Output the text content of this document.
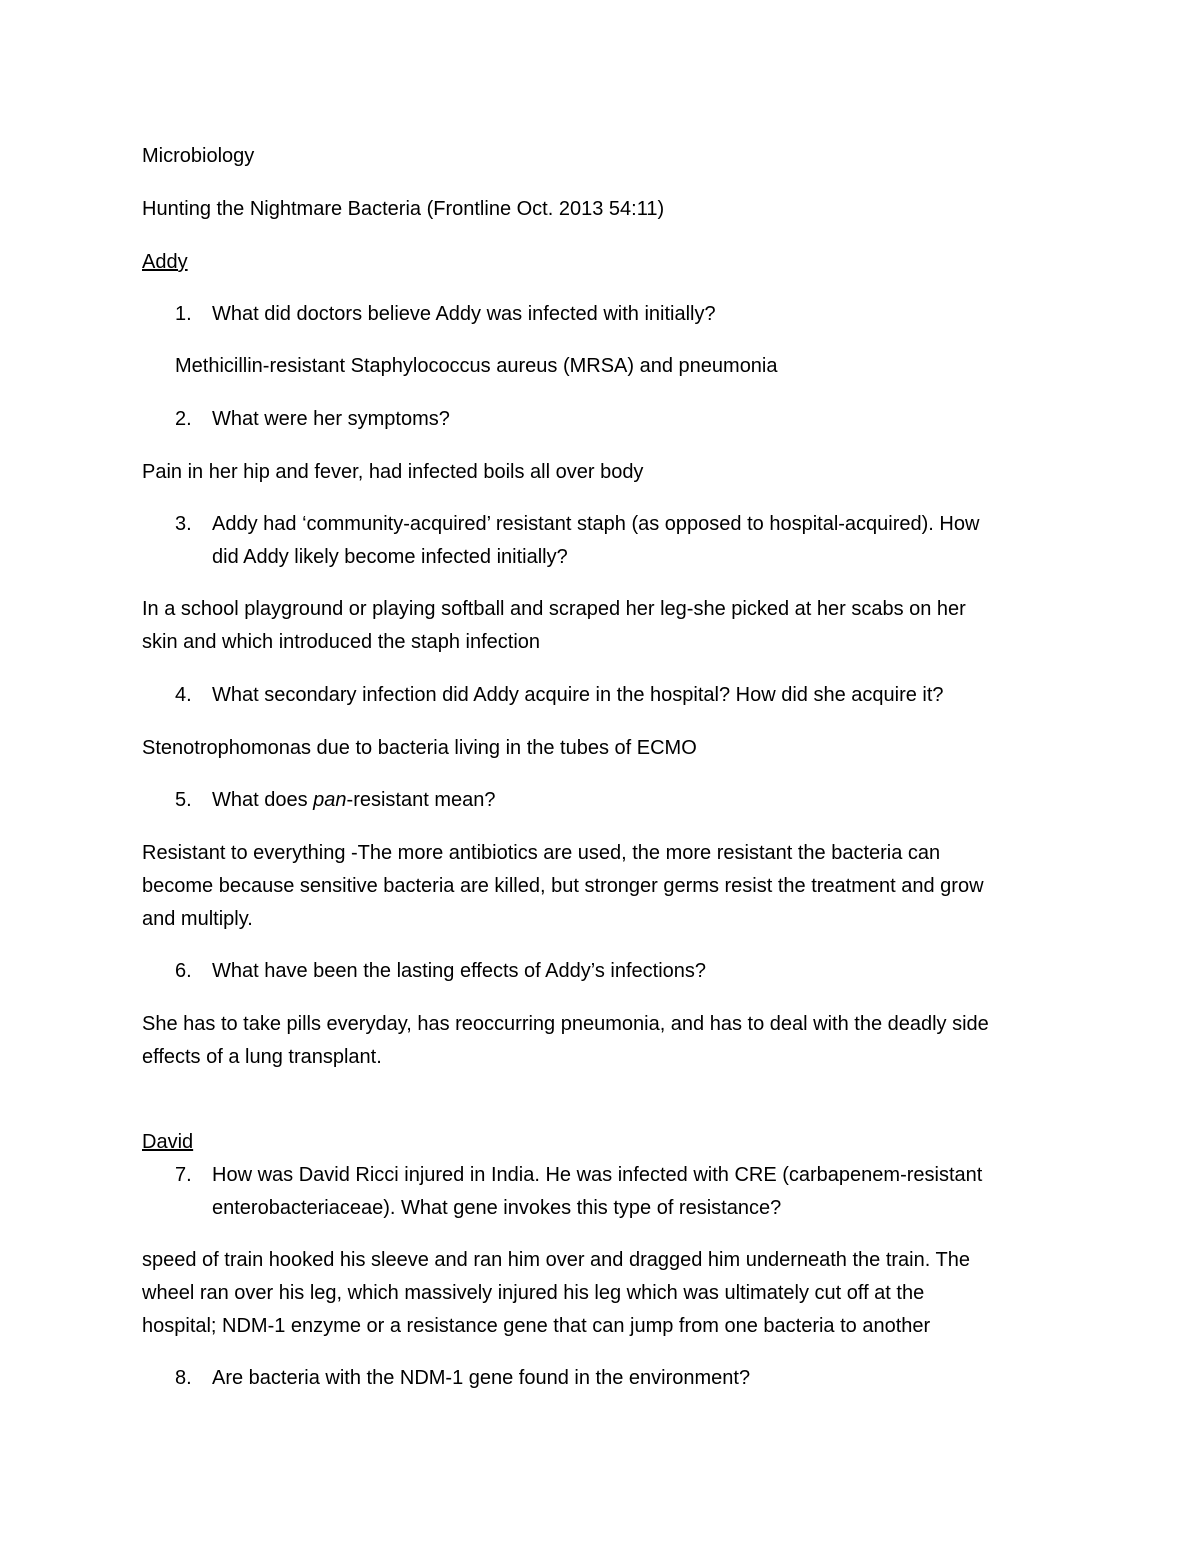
Microbiology

Hunting the Nightmare Bacteria (Frontline Oct. 2013 54:11)

Addy

1. What did doctors believe Addy was infected with initially?

Methicillin-resistant Staphylococcus aureus (MRSA) and pneumonia

2. What were her symptoms?

Pain in her hip and fever, had infected boils all over body

3. Addy had ‘community-acquired’ resistant staph (as opposed to hospital-acquired). How

did Addy likely become infected initially?

In a school playground or playing softball and scraped her leg-she picked at her scabs on her

skin and which introduced the staph infection

4. What secondary infection did Addy acquire in the hospital? How did she acquire it?

Stenotrophomonas due to bacteria living in the tubes of ECMO

5. What does pan-resistant mean?

Resistant to everything -The more antibiotics are used, the more resistant the bacteria can

become because sensitive bacteria are killed, but stronger germs resist the treatment and grow

and multiply.

6. What have been the lasting effects of Addy’s infections?

She has to take pills everyday, has reoccurring pneumonia, and has to deal with the deadly side

effects of a lung transplant.

David

7. How was David Ricci injured in India. He was infected with CRE (carbapenem-resistant

enterobacteriaceae). What gene invokes this type of resistance?

speed of train hooked his sleeve and ran him over and dragged him underneath the train. The

wheel ran over his leg, which massively injured his leg which was ultimately cut off at the

hospital; NDM-1 enzyme or a resistance gene that can jump from one bacteria to another

8. Are bacteria with the NDM-1 gene found in the environment?
